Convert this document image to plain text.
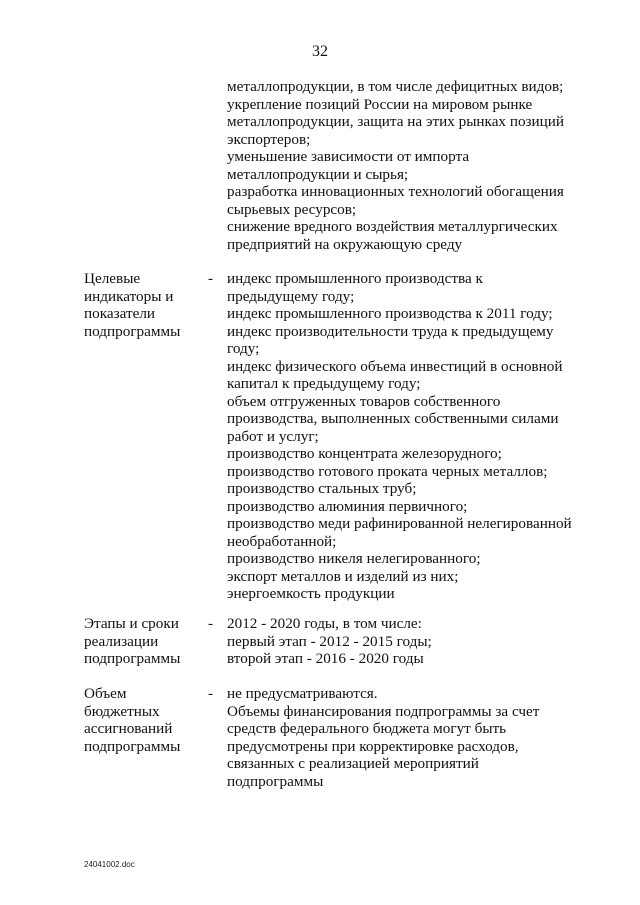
32
металлопродукции, в том числе дефицитных видов;
укрепление позиций России на мировом рынке
металлопродукции, защита на этих рынках позиций
экспортеров;
уменьшение зависимости от импорта
металлопродукции и сырья;
разработка инновационных технологий обогащения
сырьевых ресурсов;
снижение вредного воздействия металлургических
предприятий на окружающую среду
Целевые
индикаторы и
показатели
подпрограммы
- индекс промышленного производства к
предыдущему году;
индекс промышленного производства к 2011 году;
индекс производительности труда к предыдущему
году;
индекс физического объема инвестиций в основной
капитал к предыдущему году;
объем отгруженных товаров собственного
производства, выполненных собственными силами
работ и услуг;
производство концентрата железорудного;
производство готового проката черных металлов;
производство стальных труб;
производство алюминия первичного;
производство меди рафинированной нелегированной
необработанной;
производство никеля нелегированного;
экспорт металлов и изделий из них;
энергоемкость продукции
Этапы и сроки
реализации
подпрограммы
- 2012 - 2020 годы, в том числе:
первый этап - 2012 - 2015 годы;
второй этап - 2016 - 2020 годы
Объем
бюджетных
ассигнований
подпрограммы
- не предусматриваются.
Объемы финансирования подпрограммы за счет
средств федерального бюджета могут быть
предусмотрены при корректировке расходов,
связанных с реализацией мероприятий
подпрограммы
24041002.doc
